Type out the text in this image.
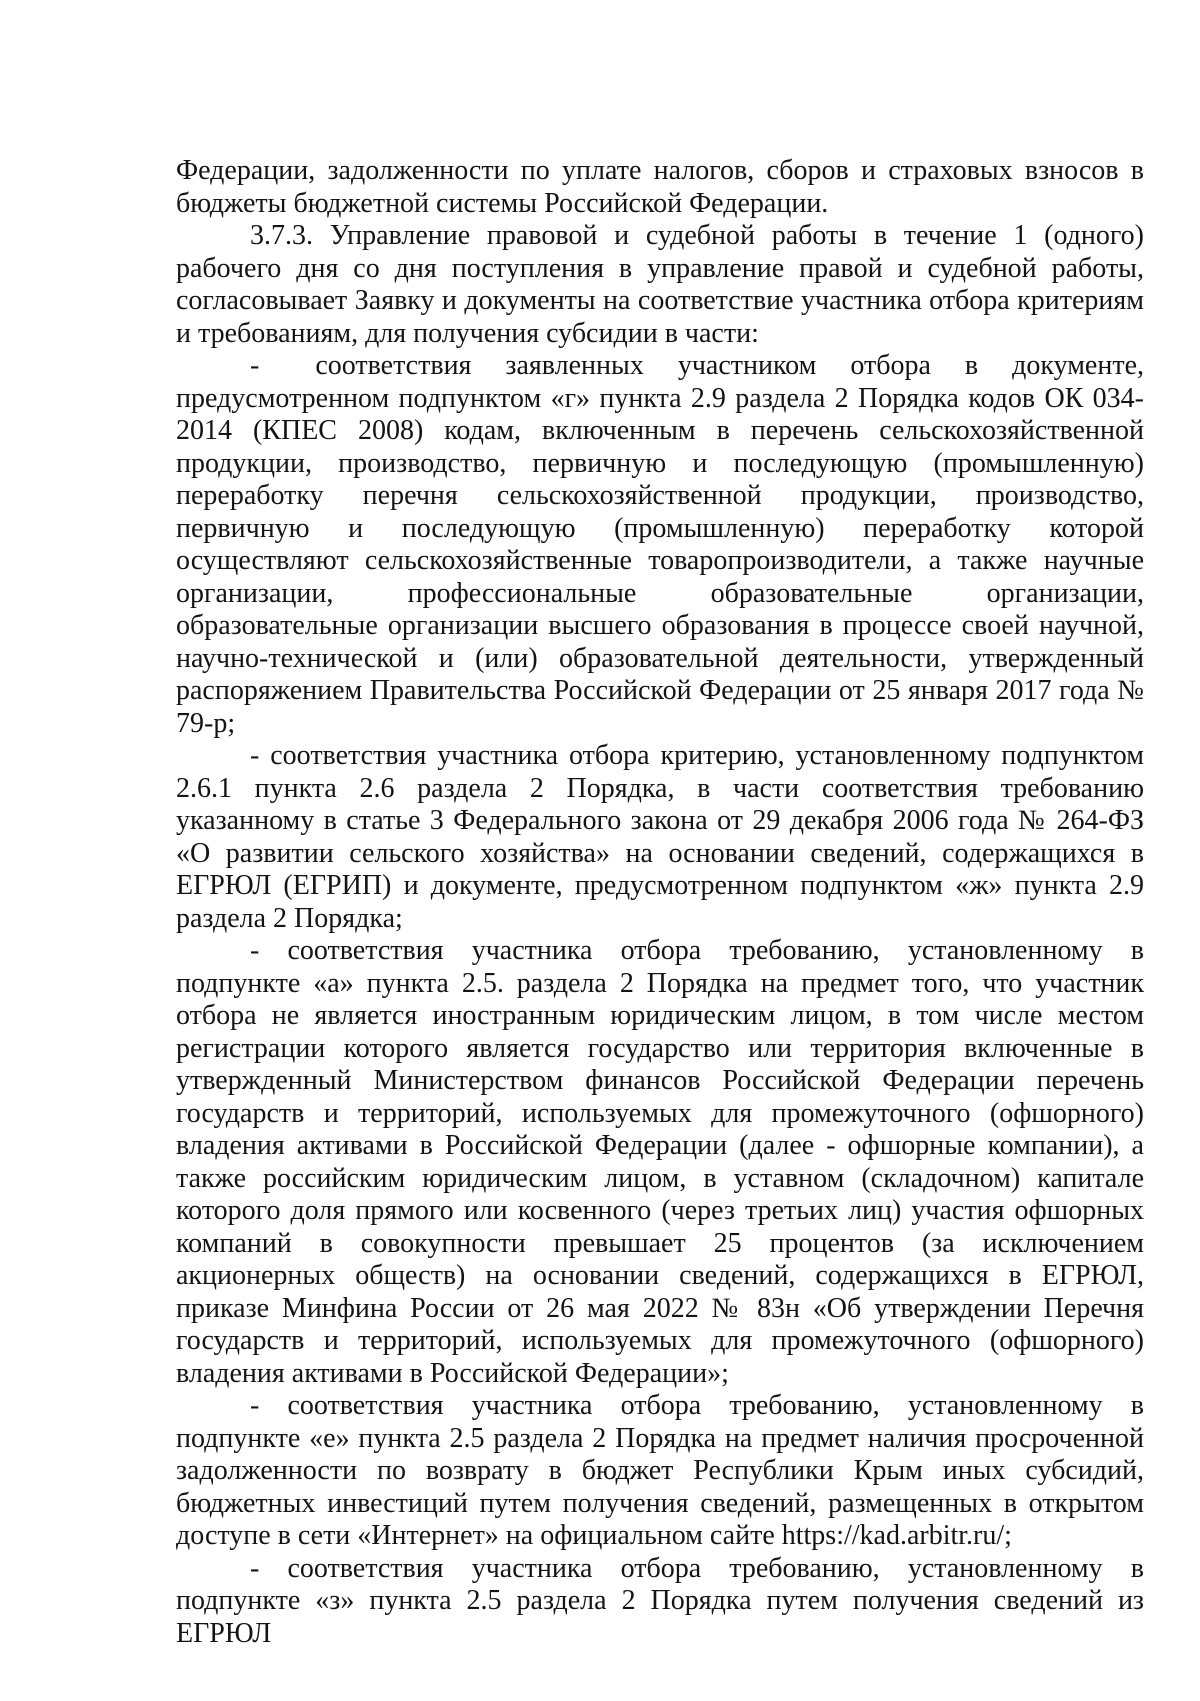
Федерации, задолженности по уплате налогов, сборов и страховых взносов в бюджеты бюджетной системы Российской Федерации.

3.7.3. Управление правовой и судебной работы в течение 1 (одного) рабочего дня со дня поступления в управление правой и судебной работы, согласовывает Заявку и документы на соответствие участника отбора критериям и требованиям, для получения субсидии в части:

-  соответствия заявленных участником отбора в документе, предусмотренном подпунктом «г» пункта 2.9 раздела 2 Порядка кодов ОК 034-2014 (КПЕС 2008) кодам, включенным в перечень сельскохозяйственной продукции, производство, первичную и последующую (промышленную) переработку перечня сельскохозяйственной продукции, производство, первичную и последующую (промышленную) переработку которой осуществляют сельскохозяйственные товаропроизводители, а также научные организации, профессиональные образовательные организации, образовательные организации высшего образования в процессе своей научной, научно-технической и (или) образовательной деятельности, утвержденный распоряжением Правительства Российской Федерации от 25 января 2017 года № 79-р;

- соответствия участника отбора критерию, установленному подпунктом 2.6.1 пункта 2.6 раздела 2 Порядка, в части соответствия требованию указанному в статье 3 Федерального закона от 29 декабря 2006 года № 264-ФЗ «О развитии сельского хозяйства» на основании сведений, содержащихся в ЕГРЮЛ (ЕГРИП) и документе, предусмотренном подпунктом «ж» пункта 2.9 раздела 2 Порядка;

- соответствия участника отбора требованию, установленному в подпункте «а» пункта 2.5. раздела 2 Порядка на предмет того, что участник отбора не является иностранным юридическим лицом, в том числе местом регистрации которого является государство или территория включенные в утвержденный Министерством финансов Российской Федерации перечень государств и территорий, используемых для промежуточного (офшорного) владения активами в Российской Федерации (далее - офшорные компании), а также российским юридическим лицом, в уставном (складочном) капитале которого доля прямого или косвенного (через третьих лиц) участия офшорных компаний в совокупности превышает 25 процентов (за исключением акционерных обществ) на основании сведений, содержащихся в ЕГРЮЛ, приказе Минфина России от 26 мая 2022 № 83н «Об утверждении Перечня государств и территорий, используемых для промежуточного (офшорного) владения активами в Российской Федерации»;

- соответствия участника отбора требованию, установленному в подпункте «е» пункта 2.5 раздела 2 Порядка на предмет наличия просроченной задолженности по возврату в бюджет Республики Крым иных субсидий, бюджетных инвестиций путем получения сведений, размещенных в открытом доступе в сети «Интернет» на официальном сайте https://kad.arbitr.ru/;

- соответствия участника отбора требованию, установленному в подпункте «з» пункта 2.5 раздела 2 Порядка путем получения сведений из ЕГРЮЛ
